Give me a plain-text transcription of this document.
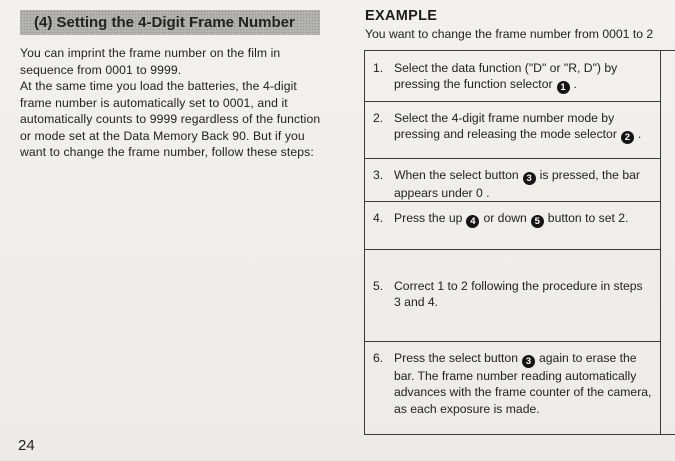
(4) Setting the 4-Digit Frame Number

You can imprint the frame number on the film in sequence from 0001 to 9999.

At the same time you load the batteries, the 4-digit frame number is automatically set to 0001, and it automatically counts to 9999 regardless of the function or mode set at the Data Memory Back 90. But if you want to change the frame number, follow these steps:

24
EXAMPLE
You want to change the frame number from 0001 to 2
1. Select the data function ("D" or "R, D") by pressing the function selector 1 .
2. Select the 4-digit frame number mode by pressing and releasing the mode selector 2 .
3. When the select button 3 is pressed, the bar appears under 0 .
4. Press the up 4 or down 5 button to set 2.
5. Correct 1 to 2 following the procedure in steps 3 and 4.
6. Press the select button 3 again to erase the bar. The frame number reading automatically advances with the frame counter of the camera, as each exposure is made.
